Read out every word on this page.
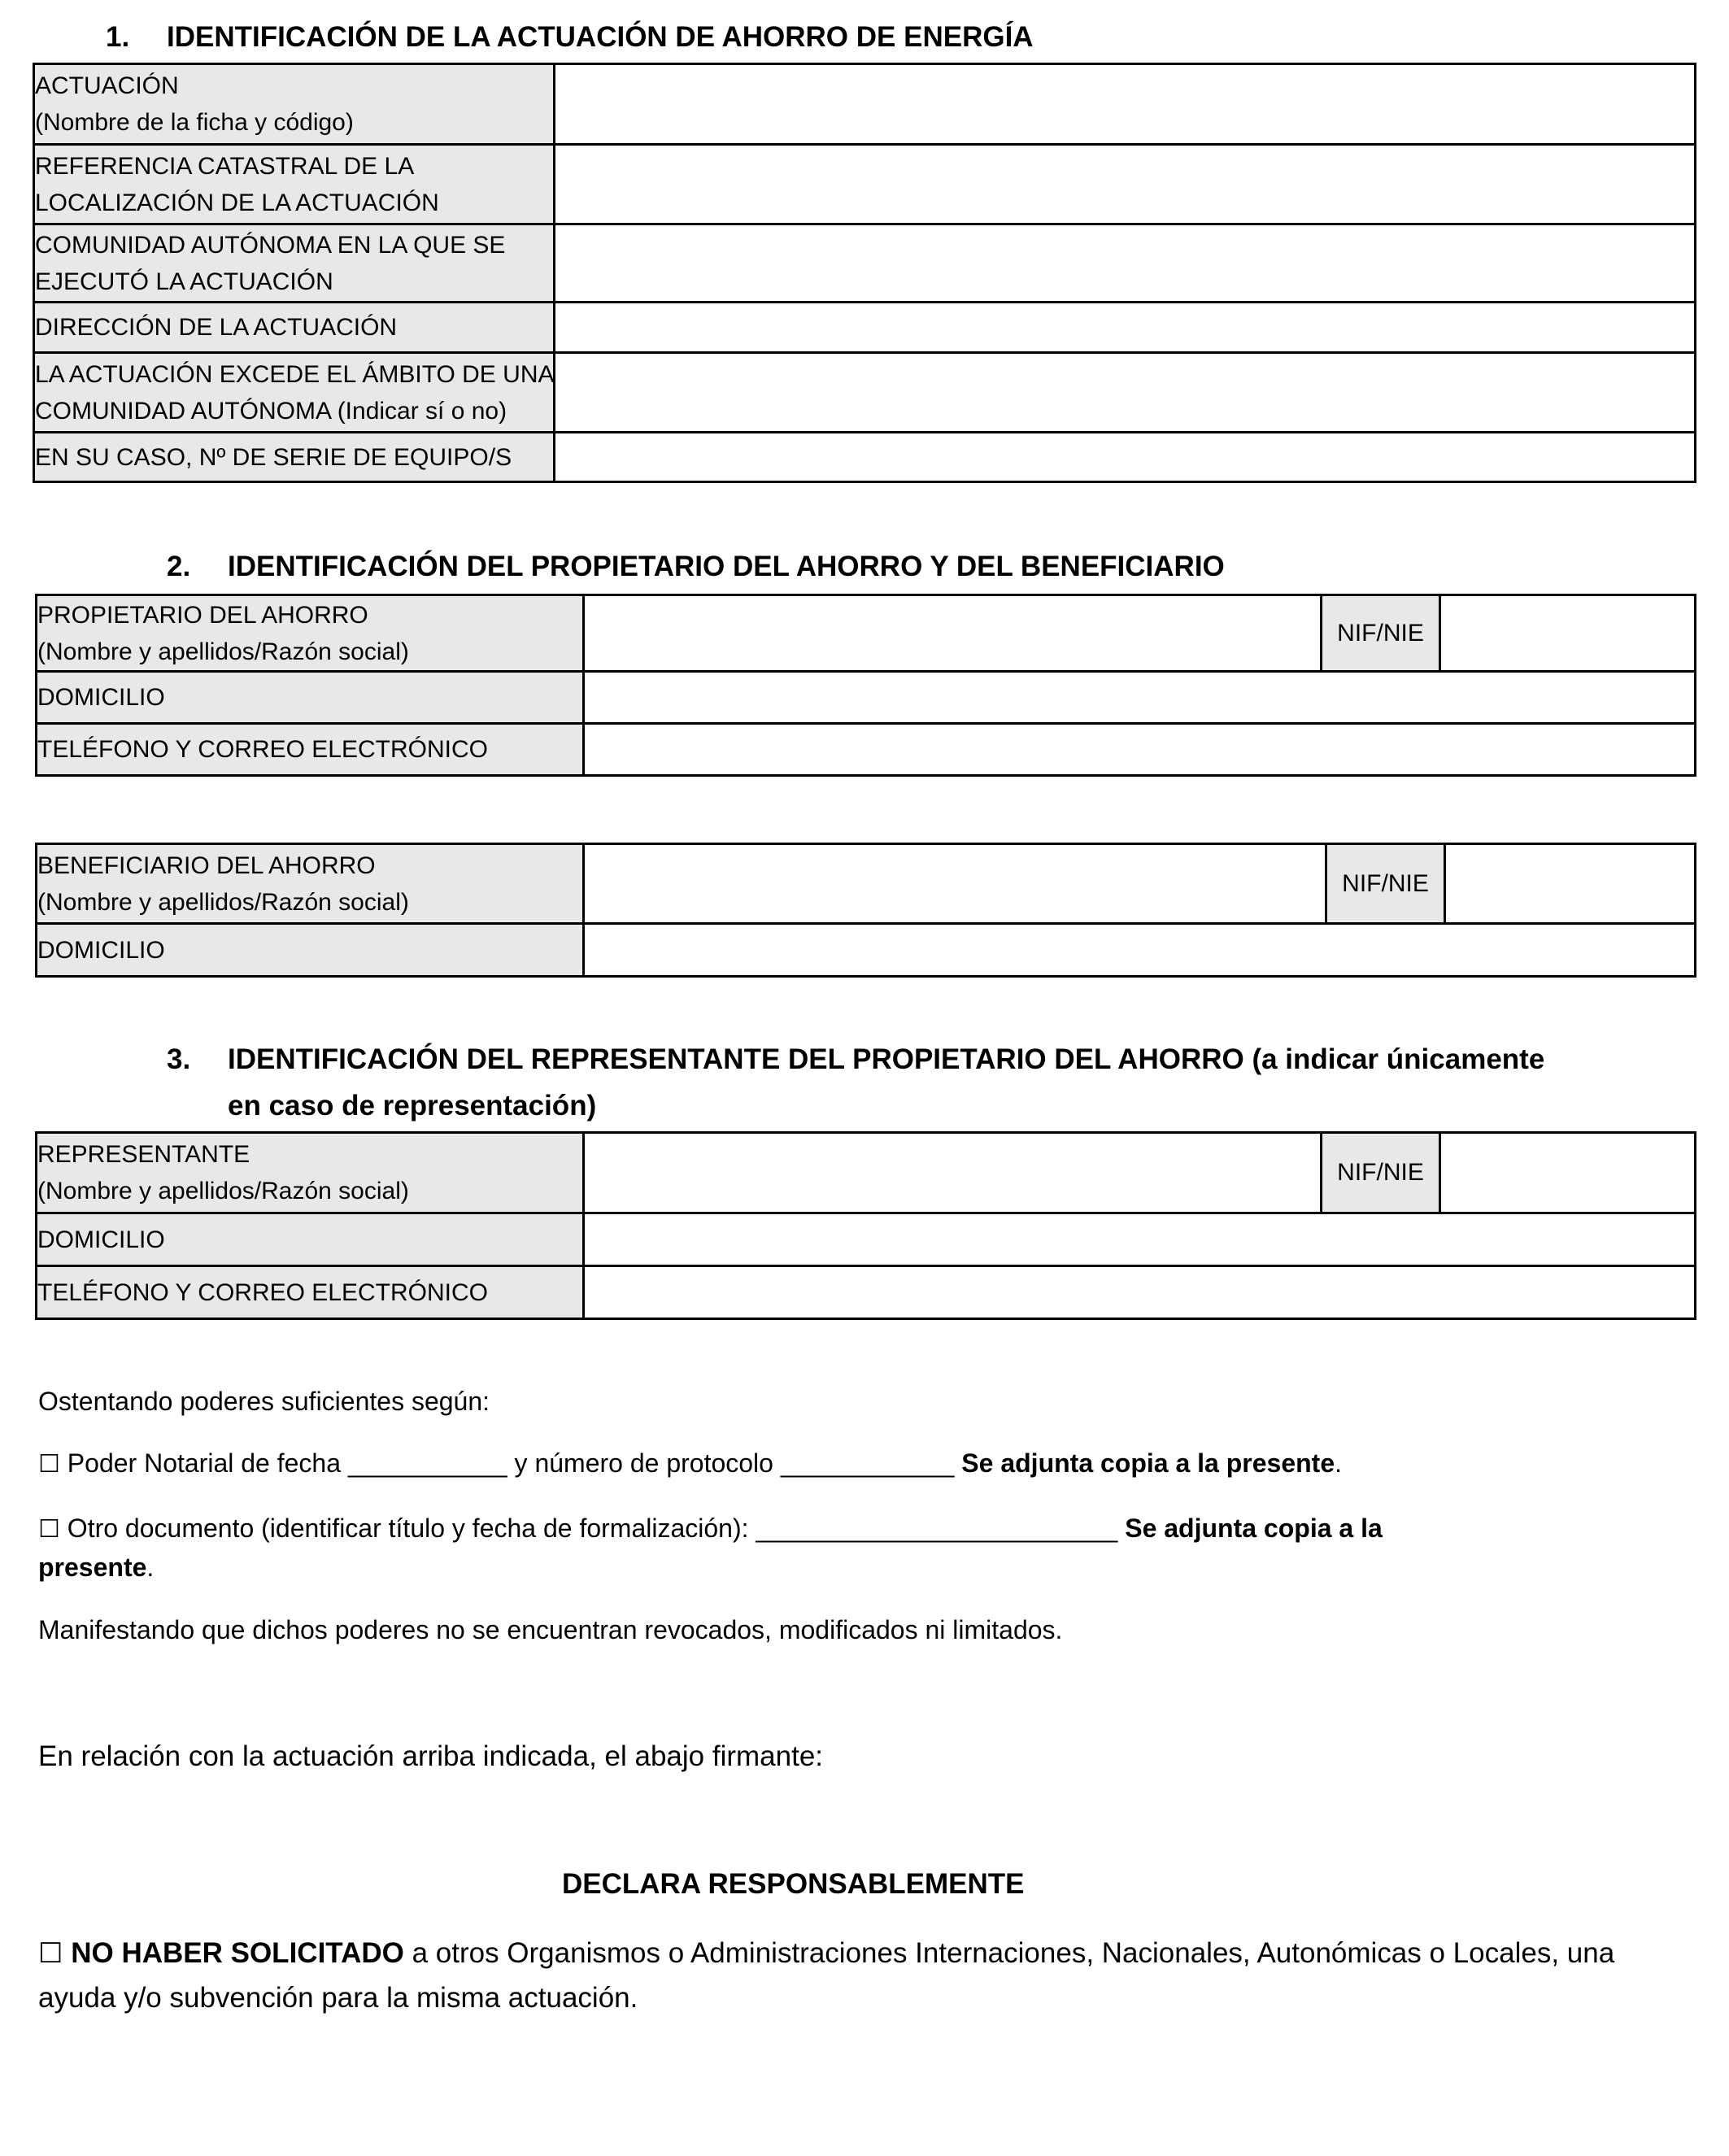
1. IDENTIFICACIÓN DE LA ACTUACIÓN DE AHORRO DE ENERGÍA
ACTUACIÓN
(Nombre de la ficha y código)	

REFERENCIA CATASTRAL DE LA
LOCALIZACIÓN DE LA ACTUACIÓN	

COMUNIDAD AUTÓNOMA EN LA QUE SE
EJECUTÓ LA ACTUACIÓN	

DIRECCIÓN DE LA ACTUACIÓN	

LA ACTUACIÓN EXCEDE EL ÁMBITO DE UNA
COMUNIDAD AUTÓNOMA (Indicar sí o no)	

EN SU CASO, Nº DE SERIE DE EQUIPO/S	

2. IDENTIFICACIÓN DEL PROPIETARIO DEL AHORRO Y DEL BENEFICIARIO
PROPIETARIO DEL AHORRO
(Nombre y apellidos/Razón social)		NIF/NIE	
DOMICILIO			
TELÉFONO Y CORREO ELECTRÓNICO			
BENEFICIARIO DEL AHORRO
(Nombre y apellidos/Razón social)		NIF/NIE	
DOMICILIO			
3. IDENTIFICACIÓN DEL REPRESENTANTE DEL PROPIETARIO DEL AHORRO (a indicar únicamente
en caso de representación)
REPRESENTANTE
(Nombre y apellidos/Razón social)		NIF/NIE	
DOMICILIO			
TELÉFONO Y CORREO ELECTRÓNICO			
Ostentando poderes suficientes según:
☐ Poder Notarial de fecha ___________ y número de protocolo ____________ Se adjunta copia a la presente.
☐ Otro documento (identificar título y fecha de formalización): _________________________ Se adjunta copia a la
presente.
Manifestando que dichos poderes no se encuentran revocados, modificados ni limitados.
En relación con la actuación arriba indicada, el abajo firmante:
DECLARA RESPONSABLEMENTE
☐ NO HABER SOLICITADO a otros Organismos o Administraciones Internaciones, Nacionales, Autonómicas o Locales, una
ayuda y/o subvención para la misma actuación.
